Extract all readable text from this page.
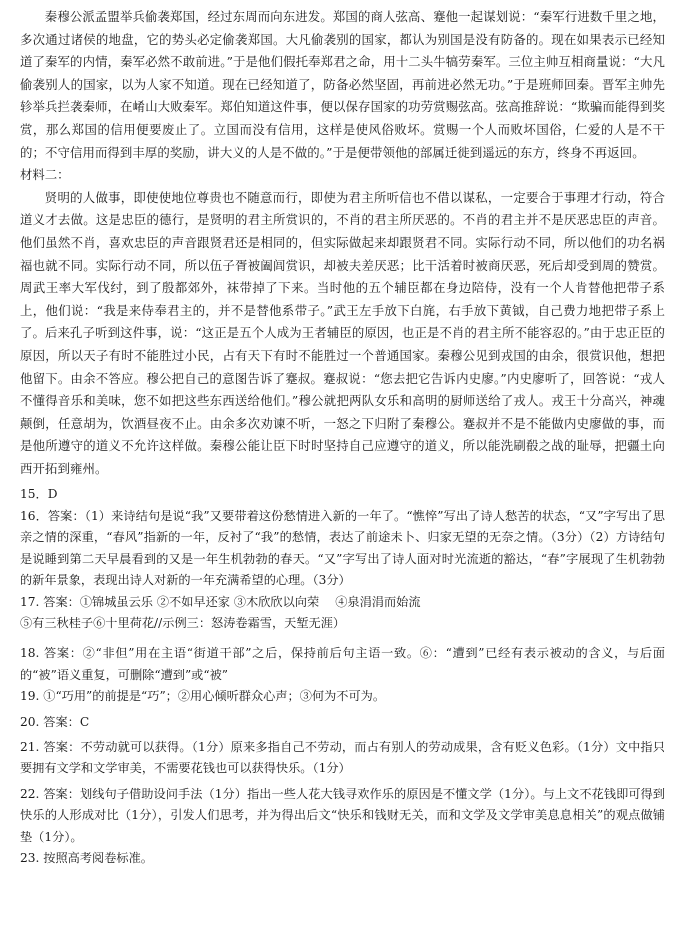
秦穆公派孟盟举兵偷袭郑国，经过东周而向东进发。郑国的商人弦高、蹇他一起谋划说：“秦军行进数千里之地，多次通过诸侯的地盘，它的势头必定偷袭郑国。大凡偷袭别的国家，都认为别国是没有防备的。现在如果表示已经知道了秦军的内情，秦军必然不敢前进。”于是他们假托奉郑君之命，用十二头牛犒劳秦军。三位主帅互相商量说：“大凡偷袭别人的国家，以为人家不知道。现在已经知道了，防备必然坚固，再前进必然无功。”于是班师回秦。晋军主帅先轸举兵拦袭秦师，在崤山大败秦军。郑伯知道这件事，便以保存国家的功劳赏赐弦高。弦高推辞说：“欺骗而能得到奖赏，那么郑国的信用便要废止了。立国而没有信用，这样是使风俗败坏。赏赐一个人而败坏国俗，仁爱的人是不干的；不守信用而得到丰厚的奖励，讲大义的人是不做的。”于是便带领他的部属迁徙到遥远的东方，终身不再返回。

材料二：

贤明的人做事，即使使地位尊贵也不随意而行，即使为君主所听信也不借以谋私，一定要合于事理才行动，符合道义才去做。这是忠臣的德行，是贤明的君主所赏识的，不肖的君主所厌恶的。不肖的君主并不是厌恶忠臣的声音。他们虽然不肖，喜欢忠臣的声音跟贤君还是相同的，但实际做起来却跟贤君不同。实际行动不同，所以他们的功名祸福也就不同。实际行动不同，所以伍子胥被阖闾赏识，却被夫差厌恶；比干活着时被商厌恶，死后却受到周的赞赏。周武王率大军伐纣，到了殷都郊外，袜带掉了下来。当时他的五个辅臣都在身边陪侍，没有一个人肯替他把带子系上，他们说：“我是来侍奉君主的，并不是替他系带子。”武王左手放下白旄，右手放下黄钺，自己费力地把带子系上了。后来孔子听到这件事，说：“这正是五个人成为王者辅臣的原因，也正是不肖的君主所不能容忍的。”由于忠正臣的原因，所以天子有时不能胜过小民，占有天下有时不能胜过一个普通国家。秦穆公见到戎国的由余，很赏识他，想把他留下。由余不答应。穆公把自己的意图告诉了蹇叔。蹇叔说：“您去把它告诉内史廖。”内史廖听了，回答说：“戎人不懂得音乐和美味，您不如把这些东西送给他们。”穆公就把两队女乐和高明的厨师送给了戎人。戎王十分高兴，神魂颠倒，任意胡为，饮酒昼夜不止。由余多次劝谏不听，一怒之下归附了秦穆公。蹇叔并不是不能做内史廖做的事，而是他所遵守的道义不允许这样做。秦穆公能让臣下时时坚持自己应遵守的道义，所以能洗刷殽之战的耻辱，把疆土向西开拓到雍州。

15．D

16．答案：（1）来诗结句是说“我”又要带着这份愁情进入新的一年了。“憔悴”写出了诗人愁苦的状态，“又”字写出了思亲之情的深重，“春风”指新的一年，反衬了“我”的愁情，表达了前途未卜、归家无望的无奈之情。（3分）（2）方诗结句是说睡到第二天早晨看到的又是一年生机勃勃的春天。“又”字写出了诗人面对时光流逝的豁达，“春”字展现了生机勃勃的新年景象，表现出诗人对新的一年充满希望的心理。（3分）

17. 答案：①锦城虽云乐 ②不如早还家 ③木欣欣以向荣　 ④泉涓涓而始流

⑤有三秋桂子⑥十里荷花//示例三：怒涛卷霜雪，天堑无涯）

18. 答案：②“非但”用在主语“街道干部”之后，保持前后句主语一致。⑥：“遭到”已经有表示被动的含义，与后面的“被”语义重复，可删除“遭到”或“被”

19. ①“巧用”的前提是“巧”；②用心倾听群众心声；③何为不可为。

20. 答案：C

21. 答案：不劳动就可以获得。（1分）原来多指自己不劳动，而占有别人的劳动成果，含有贬义色彩。（1分）文中指只要拥有文学和文学审美，不需要花钱也可以获得快乐。（1分）

22. 答案：划线句子借助设问手法（1分）指出一些人花大钱寻欢作乐的原因是不懂文学（1分）。与上文不花钱即可得到快乐的人形成对比（1分），引发人们思考，并为得出后文“快乐和钱财无关，而和文学及文学审美息息相关”的观点做铺垫（1分）。

23. 按照高考阅卷标准。
